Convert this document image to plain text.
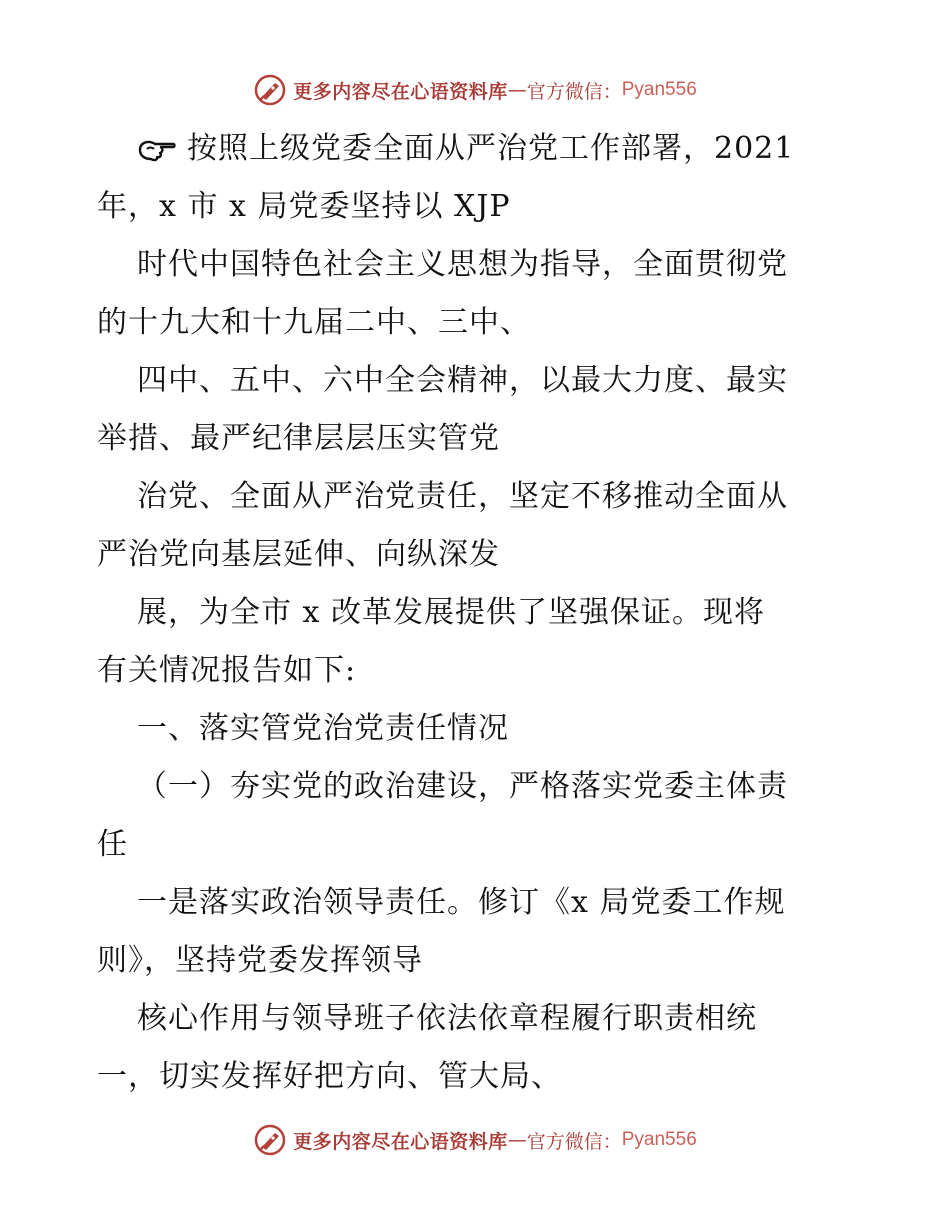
更多内容尽在心语资料库 — 官方微信： Pyan556
按照上级党委全面从严治党工作部署，2021
年，x 市 x 局党委坚持以 XJP
时代中国特色社会主义思想为指导，全面贯彻党
的十九大和十九届二中、三中、
四中、五中、六中全会精神，以最大力度、最实
举措、最严纪律层层压实管党
治党、全面从严治党责任，坚定不移推动全面从
严治党向基层延伸、向纵深发
展，为全市 x 改革发展提供了坚强保证。现将
有关情况报告如下:
一、落实管党治党责任情况
（一）夯实党的政治建设，严格落实党委主体责
任
一是落实政治领导责任。修订《x 局党委工作规
则》，坚持党委发挥领导
核心作用与领导班子依法依章程履行职责相统
一，切实发挥好把方向、管大局、
更多内容尽在心语资料库 — 官方微信： Pyan556
